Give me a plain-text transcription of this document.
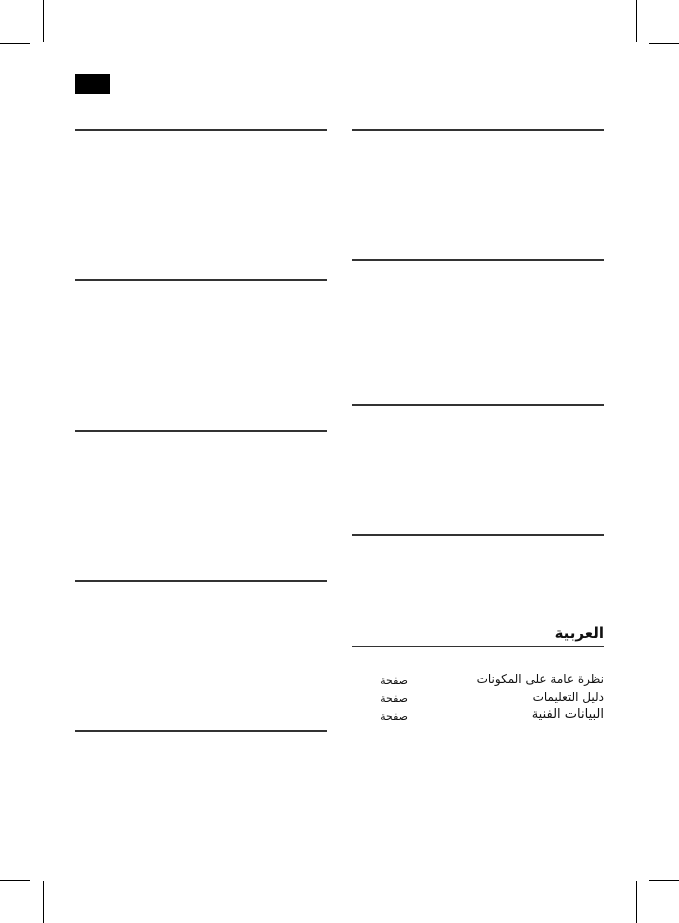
العربية
نظرة عامة على المكونات
صفحة
دليل التعليمات
صفحة
البيانات الفنية
صفحة
